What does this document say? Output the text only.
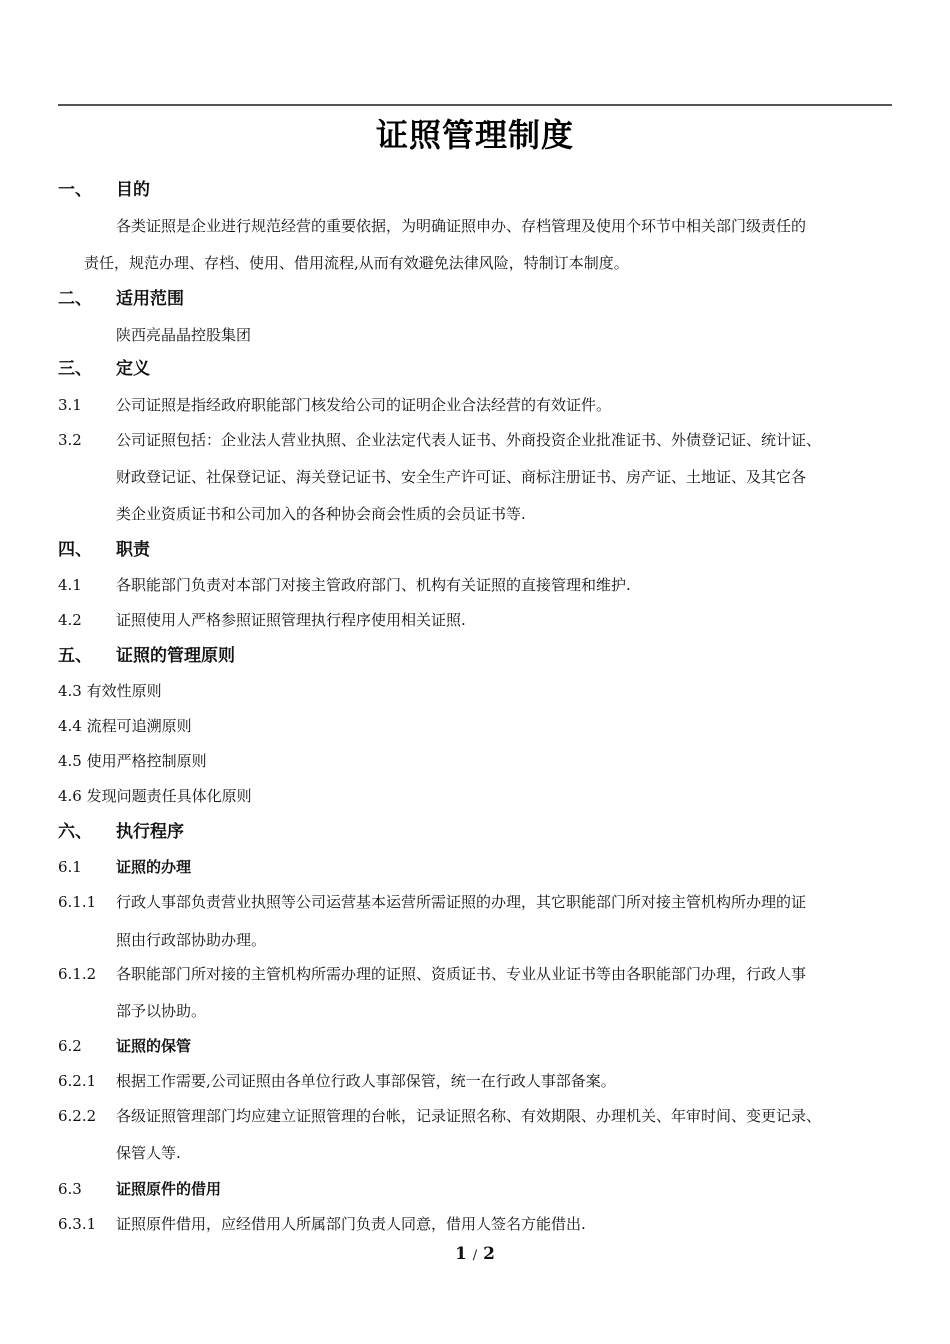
证照管理制度
一、 目的
各类证照是企业进行规范经营的重要依据，为明确证照申办、存档管理及使用个环节中相关部门级责任的
责任，规范办理、存档、使用、借用流程,从而有效避免法律风险，特制订本制度。
二、 适用范围
陕西亮晶晶控股集团
三、 定义
3.1 公司证照是指经政府职能部门核发给公司的证明企业合法经营的有效证件。
3.2 公司证照包括：企业法人营业执照、企业法定代表人证书、外商投资企业批准证书、外债登记证、统计证、
财政登记证、社保登记证、海关登记证书、安全生产许可证、商标注册证书、房产证、土地证、及其它各
类企业资质证书和公司加入的各种协会商会性质的会员证书等.
四、 职责
4.1 各职能部门负责对本部门对接主管政府部门、机构有关证照的直接管理和维护.
4.2 证照使用人严格参照证照管理执行程序使用相关证照.
五、 证照的管理原则
4.3 有效性原则
4.4 流程可追溯原则
4.5 使用严格控制原则
4.6 发现问题责任具体化原则
六、 执行程序
6.1 证照的办理
6.1.1 行政人事部负责营业执照等公司运营基本运营所需证照的办理，其它职能部门所对接主管机构所办理的证
照由行政部协助办理。
6.1.2 各职能部门所对接的主管机构所需办理的证照、资质证书、专业从业证书等由各职能部门办理，行政人事
部予以协助。
6.2 证照的保管
6.2.1 根据工作需要,公司证照由各单位行政人事部保管，统一在行政人事部备案。
6.2.2 各级证照管理部门均应建立证照管理的台帐，记录证照名称、有效期限、办理机关、年审时间、变更记录、
保管人等.
6.3 证照原件的借用
6.3.1 证照原件借用，应经借用人所属部门负责人同意，借用人签名方能借出.
1 / 2
